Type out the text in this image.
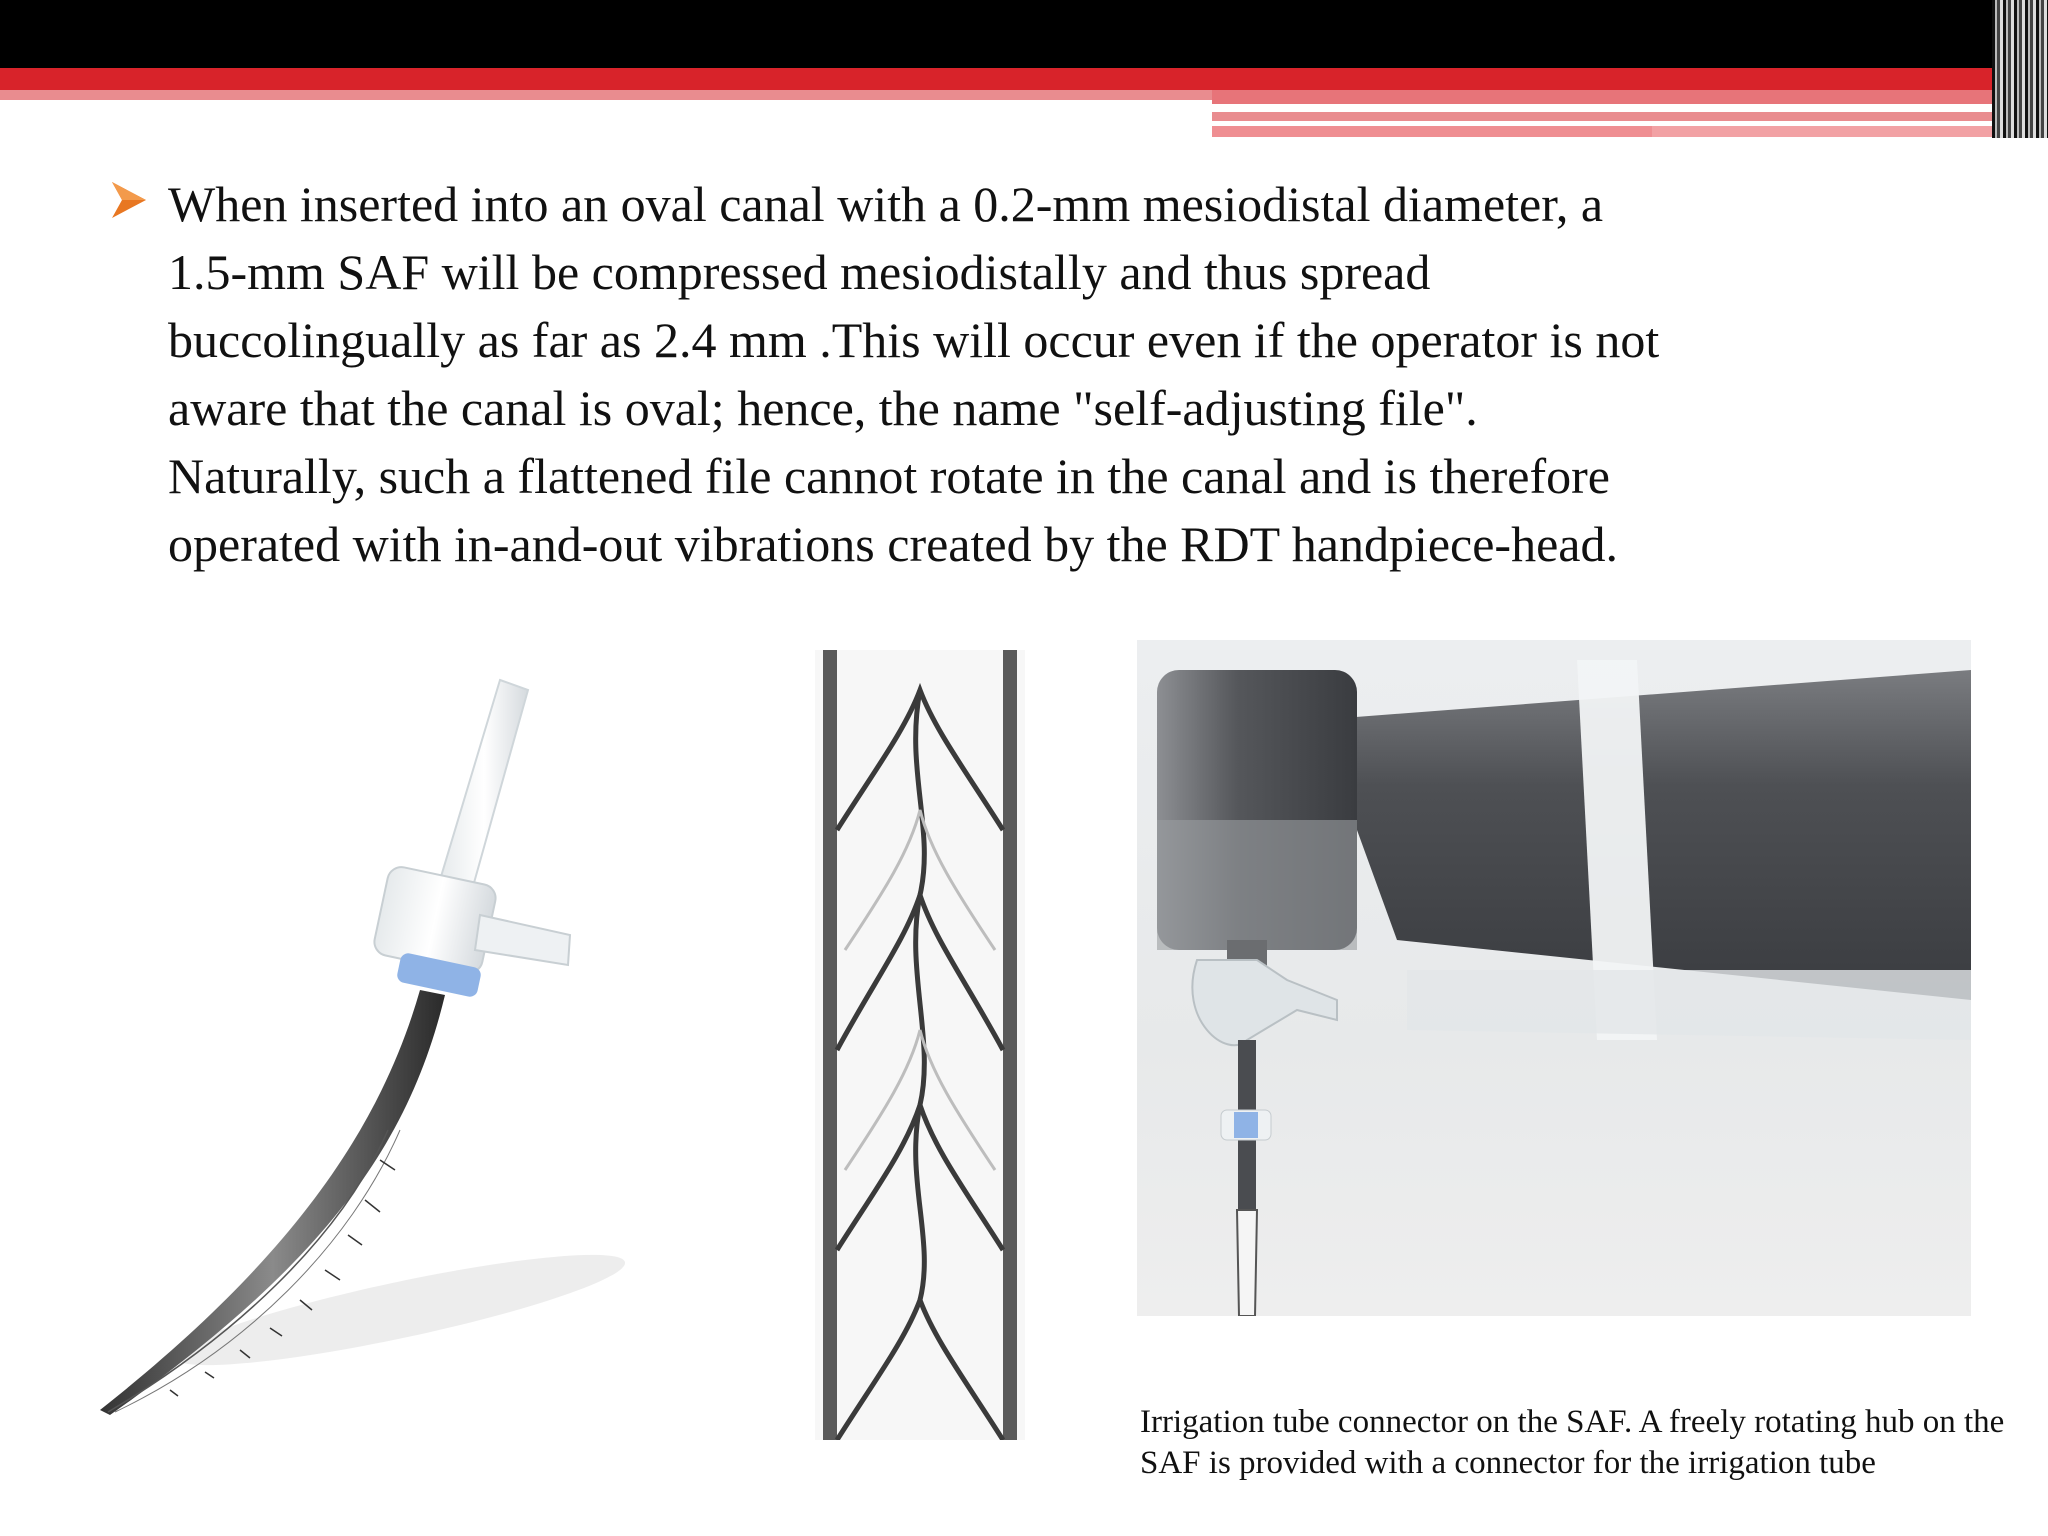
When inserted into an oval canal with a 0.2-mm mesiodistal diameter, a
1.5-mm SAF will be compressed mesiodistally and thus spread
buccolingually as far as 2.4 mm .This will occur even if the operator is not
aware that the canal is oval; hence, the name "self-adjusting file".
Naturally, such a flattened file cannot rotate in the canal and is therefore
operated with in-and-out vibrations created by the RDT handpiece-head.
Irrigation tube connector on the SAF. A freely rotating hub on the SAF is provided with a connector for the irrigation tube
